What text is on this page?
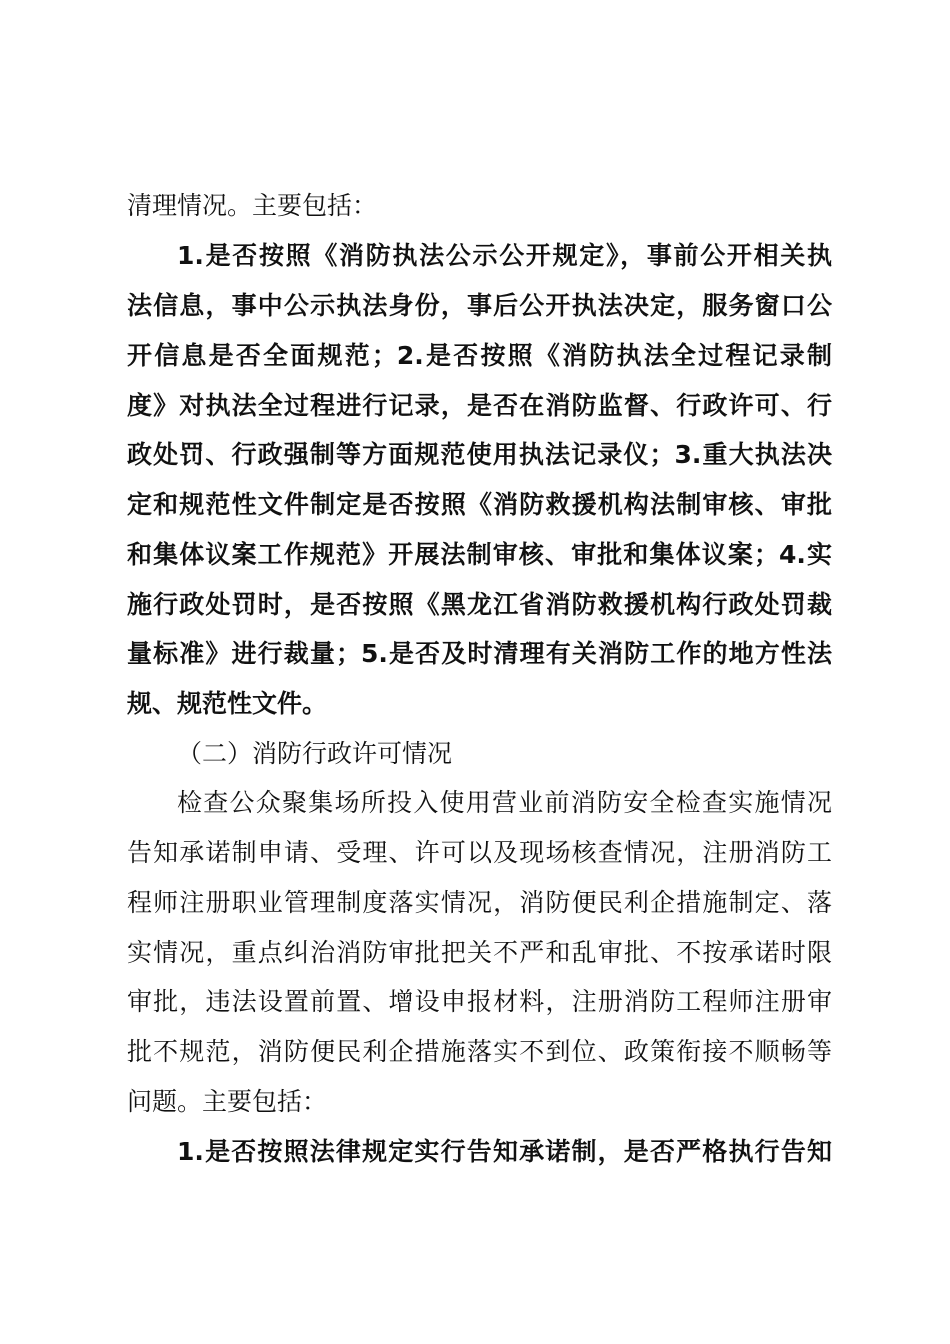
清理情况。主要包括：
1.是否按照《消防执法公示公开规定》，事前公开相关执
法信息，事中公示执法身份，事后公开执法决定，服务窗口公
开信息是否全面规范；2.是否按照《消防执法全过程记录制
度》对执法全过程进行记录，是否在消防监督、行政许可、行
政处罚、行政强制等方面规范使用执法记录仪；3.重大执法决
定和规范性文件制定是否按照《消防救援机构法制审核、审批
和集体议案工作规范》开展法制审核、审批和集体议案；4.实
施行政处罚时，是否按照《黑龙江省消防救援机构行政处罚裁
量标准》进行裁量；5.是否及时清理有关消防工作的地方性法
规、规范性文件。
（二）消防行政许可情况
检查公众聚集场所投入使用营业前消防安全检查实施情况
告知承诺制申请、受理、许可以及现场核查情况，注册消防工
程师注册职业管理制度落实情况，消防便民利企措施制定、落
实情况，重点纠治消防审批把关不严和乱审批、不按承诺时限
审批，违法设置前置、增设申报材料，注册消防工程师注册审
批不规范，消防便民利企措施落实不到位、政策衔接不顺畅等
问题。主要包括：
1.是否按照法律规定实行告知承诺制，是否严格执行告知
